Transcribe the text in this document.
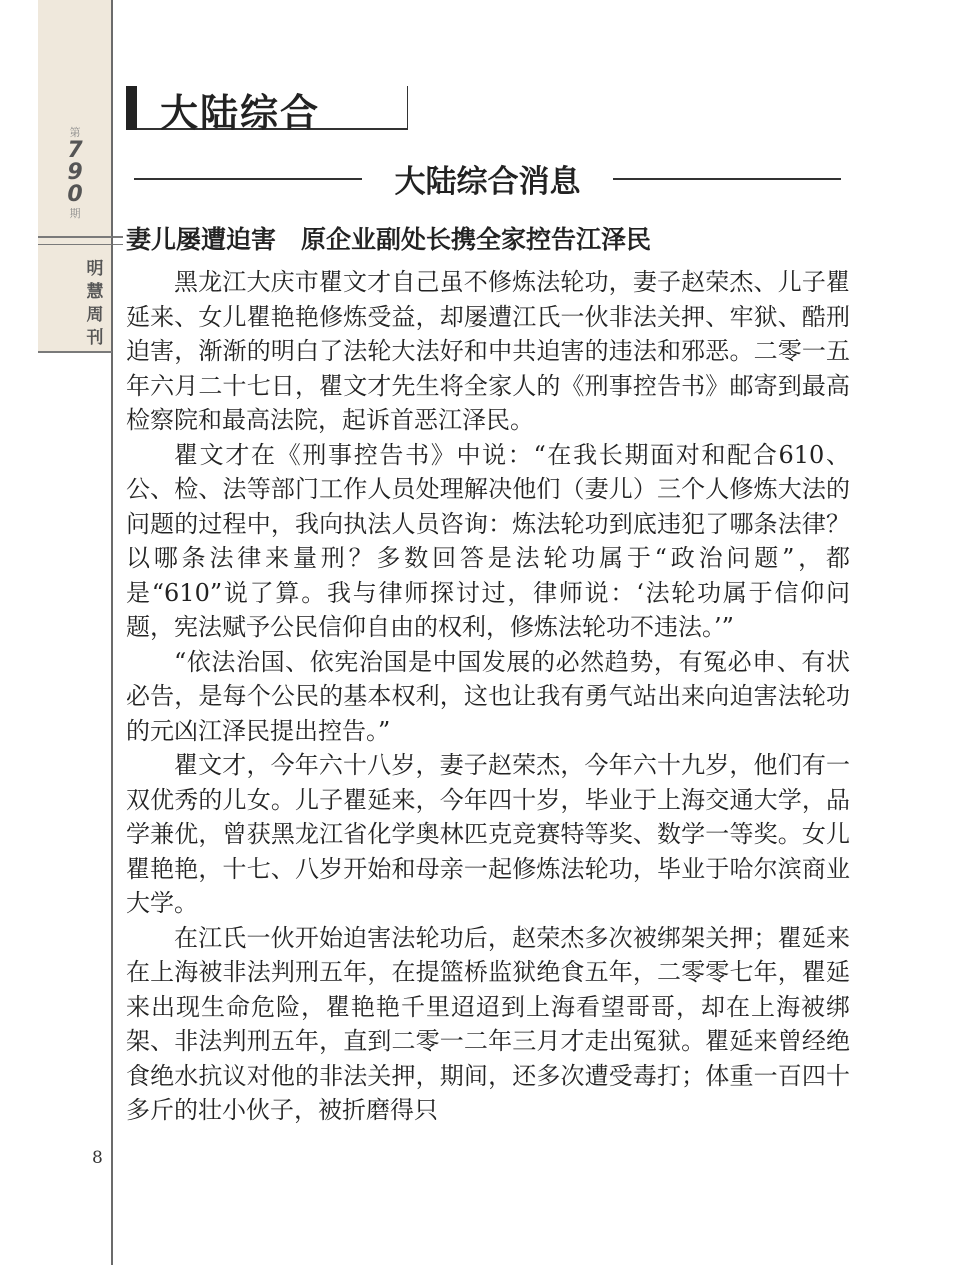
第
7
9
0
期
明
慧
周
刊
8
大陆综合
大陆综合消息
妻儿屡遭迫害　原企业副处长携全家控告江泽民

黑龙江大庆市瞿文才自己虽不修炼法轮功，妻子赵荣杰、儿子瞿延来、女儿瞿艳艳修炼受益，却屡遭江氏一伙非法关押、牢狱、酷刑迫害，渐渐的明白了法轮大法好和中共迫害的违法和邪恶。二零一五年六月二十七日，瞿文才先生将全家人的《刑事控告书》邮寄到最高检察院和最高法院，起诉首恶江泽民。

瞿文才在《刑事控告书》中说：“在我长期面对和配合610、公、检、法等部门工作人员处理解决他们（妻儿）三个人修炼大法的问题的过程中，我向执法人员咨询：炼法轮功到底违犯了哪条法律？以哪条法律来量刑？多数回答是法轮功属于“政治问题”，都是“610”说了算。我与律师探讨过，律师说：‘法轮功属于信仰问题，宪法赋予公民信仰自由的权利，修炼法轮功不违法。’”

“依法治国、依宪治国是中国发展的必然趋势，有冤必申、有状必告，是每个公民的基本权利，这也让我有勇气站出来向迫害法轮功的元凶江泽民提出控告。”

瞿文才，今年六十八岁，妻子赵荣杰，今年六十九岁，他们有一双优秀的儿女。儿子瞿延来，今年四十岁，毕业于上海交通大学，品学兼优，曾获黑龙江省化学奥林匹克竞赛特等奖、数学一等奖。女儿瞿艳艳，十七、八岁开始和母亲一起修炼法轮功，毕业于哈尔滨商业大学。

在江氏一伙开始迫害法轮功后，赵荣杰多次被绑架关押；瞿延来在上海被非法判刑五年，在提篮桥监狱绝食五年，二零零七年，瞿延来出现生命危险，瞿艳艳千里迢迢到上海看望哥哥，却在上海被绑架、非法判刑五年，直到二零一二年三月才走出冤狱。瞿延来曾经绝食绝水抗议对他的非法关押，期间，还多次遭受毒打；体重一百四十多斤的壮小伙子，被折磨得只
